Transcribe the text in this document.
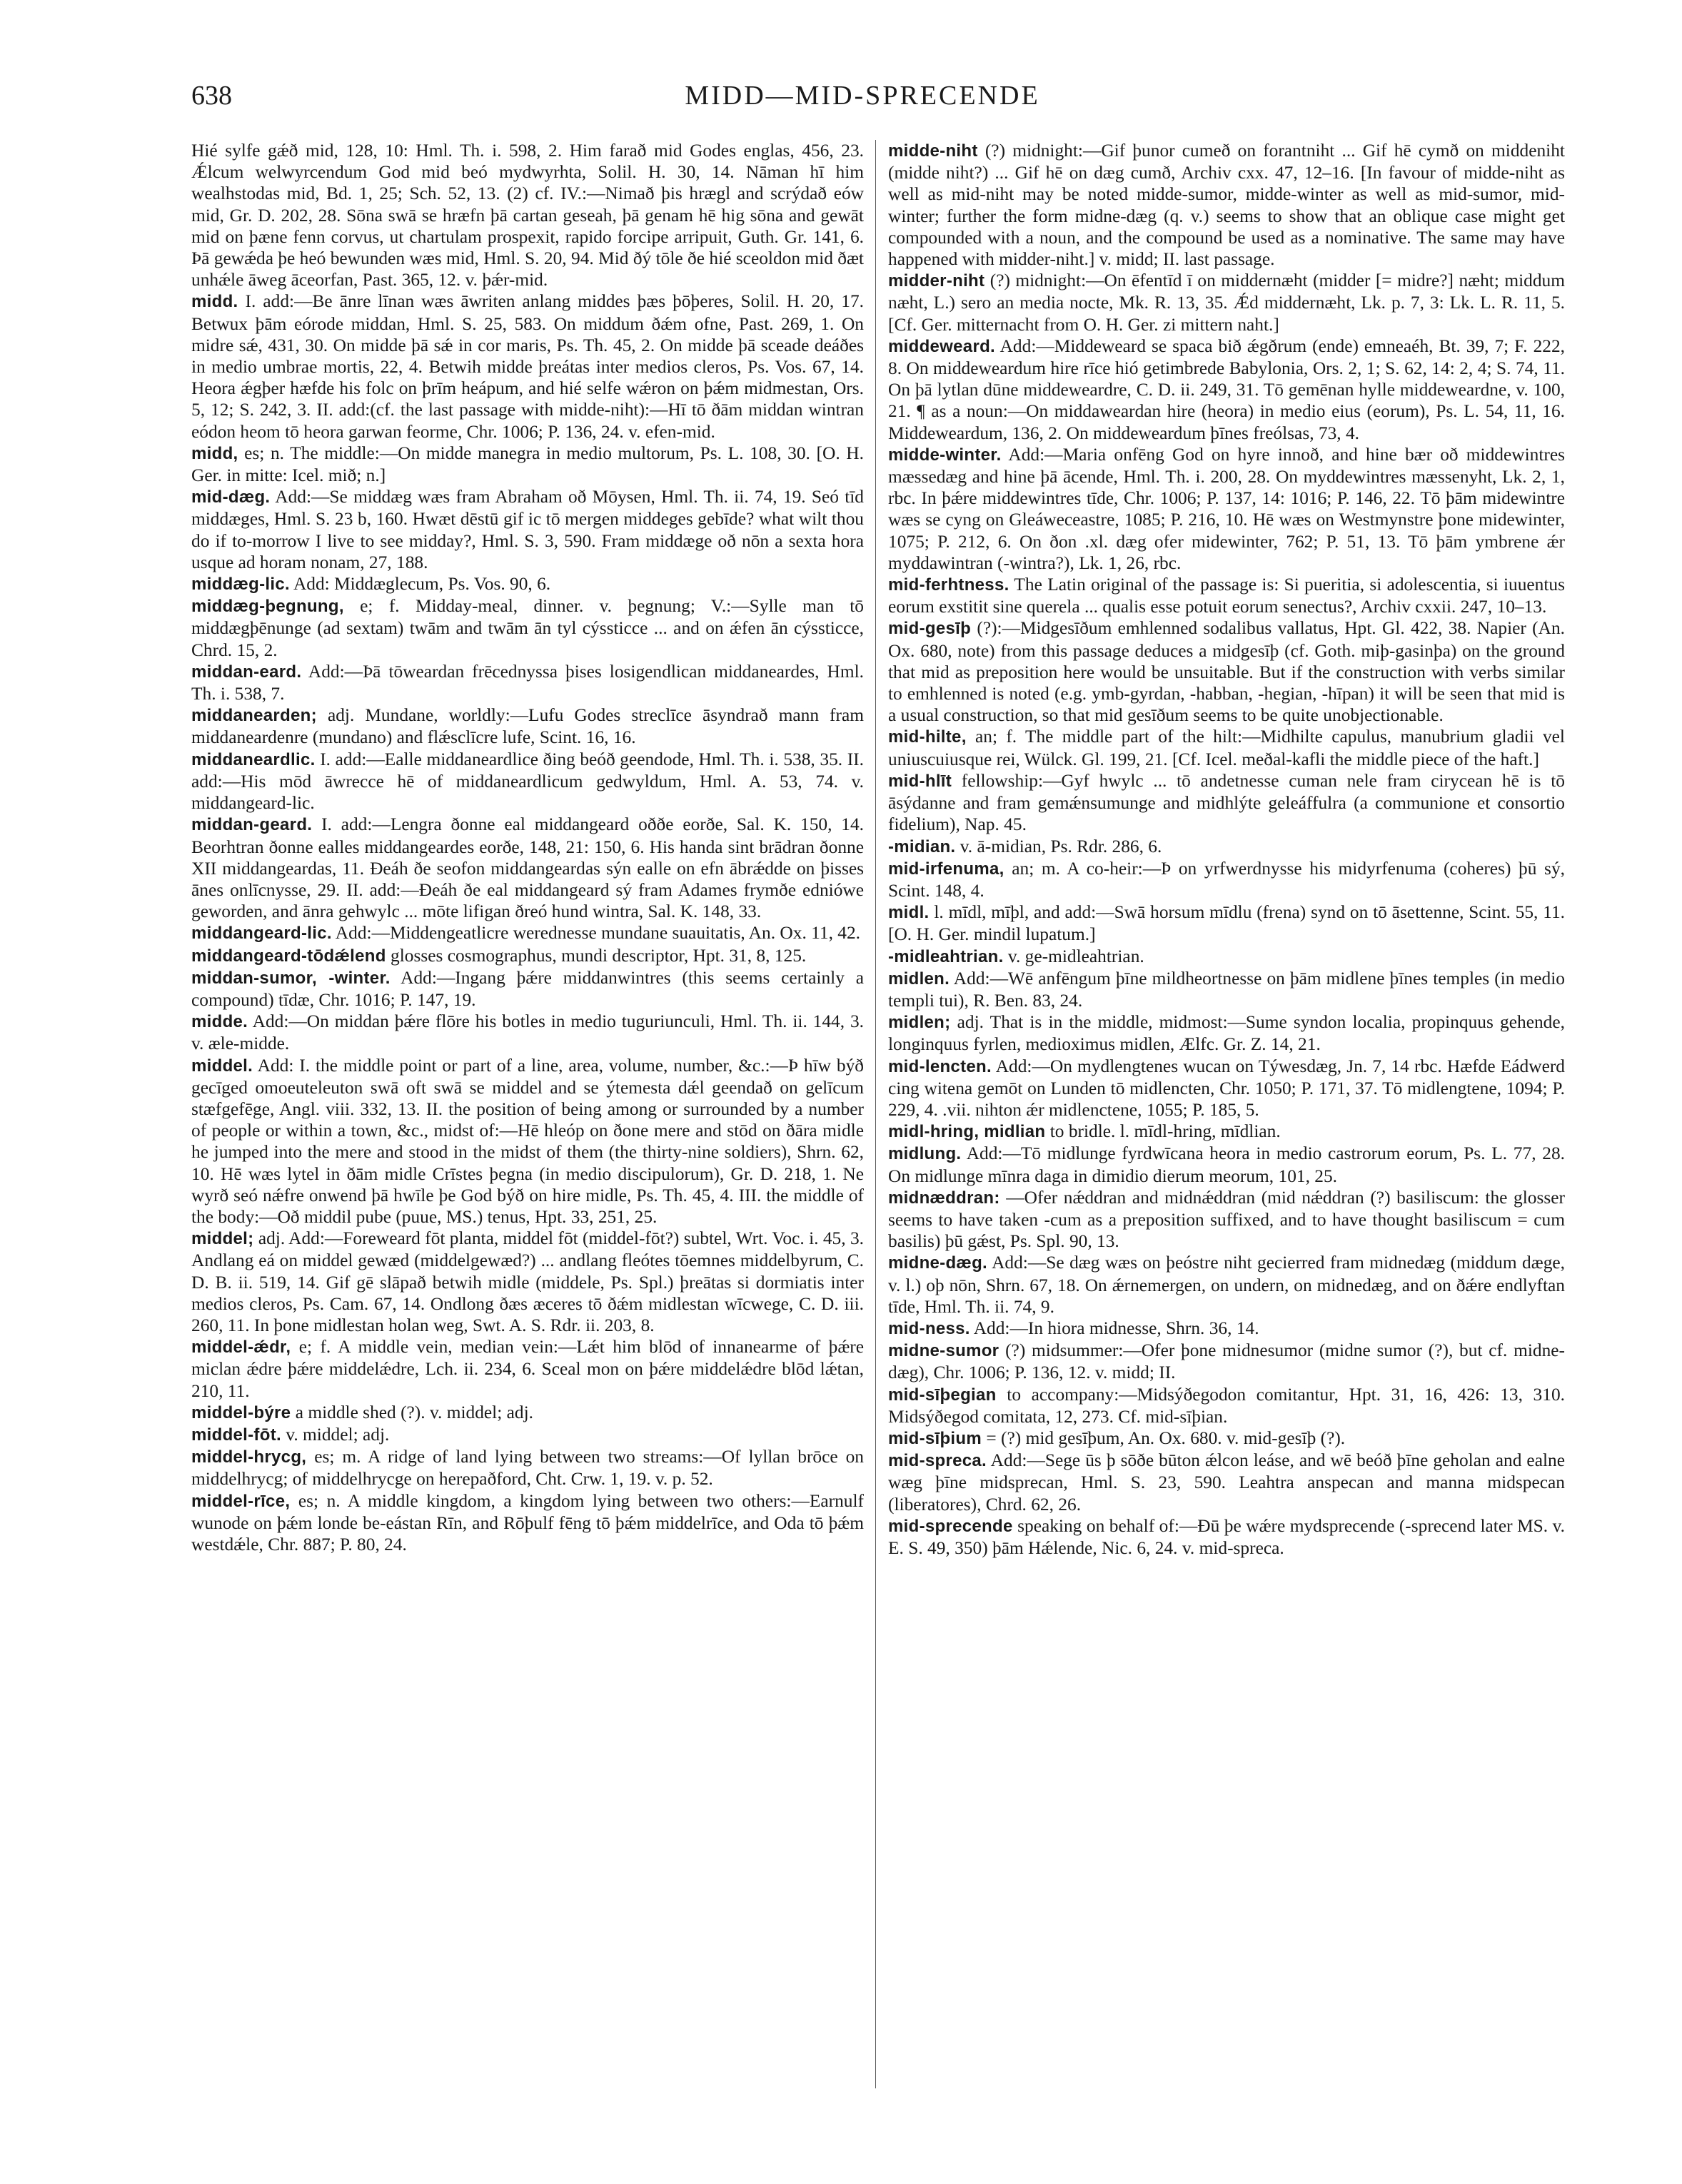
638	MIDD—MID-SPRECENDE

Hié sylfe gǽð mid, 128, 10: Hml. Th. i. 598, 2. Him farað mid Godes englas, 456, 23. Ǽlcum welwyrcendum God mid beó mydwyrhta, Solil. H. 30, 14. Nāman hī him wealhstodas mid, Bd. 1, 25; Sch. 52, 13. (2) cf. IV.:—Nimað þis hrægl and scrýdað eów mid, Gr. D. 202, 28. Sōna swā se hræfn þā cartan geseah, þā genam hē hig sōna and gewāt mid on þæne fenn corvus, ut chartulam prospexit, rapido forcipe arripuit, Guth. Gr. 141, 6. Þā gewǽda þe heó bewunden wæs mid, Hml. S. 20, 94. Mid ðý tōle ðe hié sceoldon mid ðæt unhǽle āweg āceorfan, Past. 365, 12. v. þǽr-mid.

midd. I. add:—Be ānre līnan wæs āwriten anlang middes þæs þōþeres, Solil. H. 20, 17. Betwux þām eórode middan, Hml. S. 25, 583. On middum ðǽm ofne, Past. 269, 1. On midre sǽ, 431, 30. On midde þā sǽ in cor maris, Ps. Th. 45, 2. On midde þā sceade deáðes in medio umbrae mortis, 22, 4. Betwih midde þreátas inter medios cleros, Ps. Vos. 67, 14. Heora ǽgþer hæfde his folc on þrīm heápum, and hié selfe wǽron on þǽm midmestan, Ors. 5, 12; S. 242, 3. II. add:(cf. the last passage with midde-niht):—Hī tō ðām middan wintran eódon heom tō heora garwan feorme, Chr. 1006; P. 136, 24. v. efen-mid.

midd, es; n. The middle:—On midde manegra in medio multorum, Ps. L. 108, 30. [O. H. Ger. in mitte: Icel. mið; n.]

mid-dæg. Add:—Se middæg wæs fram Abraham oð Mōysen, Hml. Th. ii. 74, 19. Seó tīd middæges, Hml. S. 23 b, 160. Hwæt dēstū gif ic tō mergen middeges gebīde? what wilt thou do if to-morrow I live to see midday?, Hml. S. 3, 590. Fram middæge oð nōn a sexta hora usque ad horam nonam, 27, 188.

middæg-lic. Add: Middæglecum, Ps. Vos. 90, 6.

middæg-þegnung, e; f. Midday-meal, dinner. v. þegnung; V.:—Sylle man tō middægþēnunge (ad sextam) twām and twām ān tyl cýssticce ... and on ǽfen ān cýssticce, Chrd. 15, 2.

middan-eard. Add:—Þā tōweardan frēcednyssa þises losigendlican middaneardes, Hml. Th. i. 538, 7.

middanearden; adj. Mundane, worldly:—Lufu Godes streclīce āsyndrað mann fram middaneardenre (mundano) and flǽsclīcre lufe, Scint. 16, 16.

middaneardlic. I. add:—Ealle middaneardlice ðing beóð geendode, Hml. Th. i. 538, 35. II. add:—His mōd āwrecce hē of middaneardlicum gedwyldum, Hml. A. 53, 74. v. middangeard-lic.

middan-geard. I. add:—Lengra ðonne eal middangeard oððe eorðe, Sal. K. 150, 14. Beorhtran ðonne ealles middangeardes eorðe, 148, 21: 150, 6. His handa sint brādran ðonne XII middangeardas, 11. Ðeáh ðe seofon middangeardas sýn ealle on efn ābrǽdde on þisses ānes onlīcnysse, 29. II. add:—Ðeáh ðe eal middangeard sý fram Adames frymðe edniówe geworden, and ānra gehwylc ... mōte lifigan ðreó hund wintra, Sal. K. 148, 33.

middangeard-lic. Add:—Middengeatlicre werednesse mundane suauitatis, An. Ox. 11, 42.

middangeard-tōdǽlend glosses cosmographus, mundi descriptor, Hpt. 31, 8, 125.

middan-sumor, -winter. Add:—Ingang þǽre middanwintres (this seems certainly a compound) tīdæ, Chr. 1016; P. 147, 19.

midde. Add:—On middan þǽre flōre his botles in medio tuguriunculi, Hml. Th. ii. 144, 3. v. æle-midde.

middel. Add: I. the middle point or part of a line, area, volume, number, &c.:—Þ hīw býð gecīged omoeuteleuton swā oft swā se middel and se ýtemesta dǽl geendað on gelīcum stæfgefēge, Angl. viii. 332, 13. II. the position of being among or surrounded by a number of people or within a town, &c., midst of:—Hē hleóp on ðone mere and stōd on ðāra midle he jumped into the mere and stood in the midst of them (the thirty-nine soldiers), Shrn. 62, 10. Hē wæs lytel in ðām midle Crīstes þegna (in medio discipulorum), Gr. D. 218, 1. Ne wyrð seó nǽfre onwend þā hwīle þe God býð on hire midle, Ps. Th. 45, 4. III. the middle of the body:—Oð middil pube (puue, MS.) tenus, Hpt. 33, 251, 25.

middel; adj. Add:—Foreweard fōt planta, middel fōt (middel-fōt?) subtel, Wrt. Voc. i. 45, 3. Andlang eá on middel gewæd (middelgewæd?) ... andlang fleótes tōemnes middelbyrum, C. D. B. ii. 519, 14. Gif gē slāpað betwih midle (middele, Ps. Spl.) þreātas si dormiatis inter medios cleros, Ps. Cam. 67, 14. Ondlong ðæs æceres tō ðǽm midlestan wīcwege, C. D. iii. 260, 11. In þone midlestan holan weg, Swt. A. S. Rdr. ii. 203, 8.

middel-ǽdr, e; f. A middle vein, median vein:—Lǽt him blōd of innanearme of þǽre miclan ǽdre þǽre middelǽdre, Lch. ii. 234, 6. Sceal mon on þǽre middelǽdre blōd lǽtan, 210, 11.

middel-býre a middle shed (?). v. middel; adj.

middel-fōt. v. middel; adj.

middel-hrycg, es; m. A ridge of land lying between two streams:—Of lyllan brōce on middelhrycg; of middelhrycge on herepaðford, Cht. Crw. 1, 19. v. p. 52.

middel-rīce, es; n. A middle kingdom, a kingdom lying between two others:—Earnulf wunode on þǽm londe be-eástan Rīn, and Rōþulf fēng tō þǽm middelrīce, and Oda tō þǽm westdǽle, Chr. 887; P. 80, 24.

midde-niht (?) midnight:—Gif þunor cumeð on forantniht ... Gif hē cymð on middeniht (midde niht?) ... Gif hē on dæg cumð, Archiv cxx. 47, 12–16. [In favour of midde-niht as well as mid-niht may be noted midde-sumor, midde-winter as well as mid-sumor, mid-winter; further the form midne-dæg (q. v.) seems to show that an oblique case might get compounded with a noun, and the compound be used as a nominative. The same may have happened with midder-niht.] v. midd; II. last passage.

midder-niht (?) midnight:—On ēfentīd ī on middernæht (midder [= midre?] næht; middum næht, L.) sero an media nocte, Mk. R. 13, 35. Ǽd middernæht, Lk. p. 7, 3: Lk. L. R. 11, 5. [Cf. Ger. mitternacht from O. H. Ger. zi mittern naht.]

middeweard. Add:—Middeweard se spaca bið ǽgðrum (ende) emneaéh, Bt. 39, 7; F. 222, 8. On middeweardum hire rīce hió getimbrede Babylonia, Ors. 2, 1; S. 62, 14: 2, 4; S. 74, 11. On þā lytlan dūne middeweardre, C. D. ii. 249, 31. Tō gemēnan hylle middeweardne, v. 100, 21. ¶ as a noun:—On middaweardan hire (heora) in medio eius (eorum), Ps. L. 54, 11, 16. Middeweardum, 136, 2. On middeweardum þīnes freólsas, 73, 4.

midde-winter. Add:—Maria onfēng God on hyre innoð, and hine bær oð middewintres mæssedæg and hine þā ācende, Hml. Th. i. 200, 28. On myddewintres mæssenyht, Lk. 2, 1, rbc. In þǽre middewintres tīde, Chr. 1006; P. 137, 14: 1016; P. 146, 22. Tō þām midewintre wæs se cyng on Gleáweceastre, 1085; P. 216, 10. Hē wæs on Westmynstre þone midewinter, 1075; P. 212, 6. On ðon .xl. dæg ofer midewinter, 762; P. 51, 13. Tō þām ymbrene ǽr myddawintran (-wintra?), Lk. 1, 26, rbc.

mid-ferhtness. The Latin original of the passage is: Si pueritia, si adolescentia, si iuuentus eorum exstitit sine querela ... qualis esse potuit eorum senectus?, Archiv cxxii. 247, 10–13.

mid-gesīþ (?):—Midgesīðum emhlenned sodalibus vallatus, Hpt. Gl. 422, 38. Napier (An. Ox. 680, note) from this passage deduces a midgesīþ (cf. Goth. miþ-gasinþa) on the ground that mid as preposition here would be unsuitable. But if the construction with verbs similar to emhlenned is noted (e.g. ymb-gyrdan, -habban, -hegian, -hīpan) it will be seen that mid is a usual construction, so that mid gesīðum seems to be quite unobjectionable.

mid-hilte, an; f. The middle part of the hilt:—Midhilte capulus, manubrium gladii vel uniuscuiusque rei, Wülck. Gl. 199, 21. [Cf. Icel. meðal-kafli the middle piece of the haft.]

mid-hlīt fellowship:—Gyf hwylc ... tō andetnesse cuman nele fram cirycean hē is tō āsýdanne and fram gemǽnsumunge and midhlýte geleáffulra (a communione et consortio fidelium), Nap. 45.

-midian. v. ā-midian, Ps. Rdr. 286, 6.

mid-irfenuma, an; m. A co-heir:—Þ on yrfwerdnysse his midyrfenuma (coheres) þū sý, Scint. 148, 4.

midl. l. mīdl, mīþl, and add:—Swā horsum mīdlu (frena) synd on tō āsettenne, Scint. 55, 11. [O. H. Ger. mindil lupatum.]

-midleahtrian. v. ge-midleahtrian.

midlen. Add:—Wē anfēngum þīne mildheortnesse on þām midlene þīnes temples (in medio templi tui), R. Ben. 83, 24.

midlen; adj. That is in the middle, midmost:—Sume syndon localia, propinquus gehende, longinquus fyrlen, medioximus midlen, Ælfc. Gr. Z. 14, 21.

mid-lencten. Add:—On mydlengtenes wucan on Týwesdæg, Jn. 7, 14 rbc. Hæfde Eádwerd cing witena gemōt on Lunden tō midlencten, Chr. 1050; P. 171, 37. Tō midlengtene, 1094; P. 229, 4. .vii. nihton ǽr midlenctene, 1055; P. 185, 5.

midl-hring, midlian to bridle. l. mīdl-hring, mīdlian.

midlung. Add:—Tō midlunge fyrdwīcana heora in medio castrorum eorum, Ps. L. 77, 28. On midlunge mīnra daga in dimidio dierum meorum, 101, 25.

midnæddran: —Ofer nǽddran and midnǽddran (mid nǽddran (?) basiliscum: the glosser seems to have taken -cum as a preposition suffixed, and to have thought basiliscum = cum basilis) þū gǽst, Ps. Spl. 90, 13.

midne-dæg. Add:—Se dæg wæs on þeóstre niht gecierred fram midnedæg (middum dæge, v. l.) oþ nōn, Shrn. 67, 18. On ǽrnemergen, on undern, on midnedæg, and on ðǽre endlyftan tīde, Hml. Th. ii. 74, 9.

mid-ness. Add:—In hiora midnesse, Shrn. 36, 14.

midne-sumor (?) midsummer:—Ofer þone midnesumor (midne sumor (?), but cf. midne-dæg), Chr. 1006; P. 136, 12. v. midd; II.

mid-sīþegian to accompany:—Midsýðegodon comitantur, Hpt. 31, 16, 426: 13, 310. Midsýðegod comitata, 12, 273. Cf. mid-sīþian.

mid-sīþium = (?) mid gesīþum, An. Ox. 680. v. mid-gesīþ (?).

mid-spreca. Add:—Sege ūs þ sōðe būton ǽlcon leáse, and wē beóð þīne geholan and ealne wæg þīne midsprecan, Hml. S. 23, 590. Leahtra anspecan and manna midspecan (liberatores), Chrd. 62, 26.

mid-sprecende speaking on behalf of:—Ðū þe wǽre mydsprecende (-sprecend later MS. v. E. S. 49, 350) þām Hǽlende, Nic. 6, 24. v. mid-spreca.
